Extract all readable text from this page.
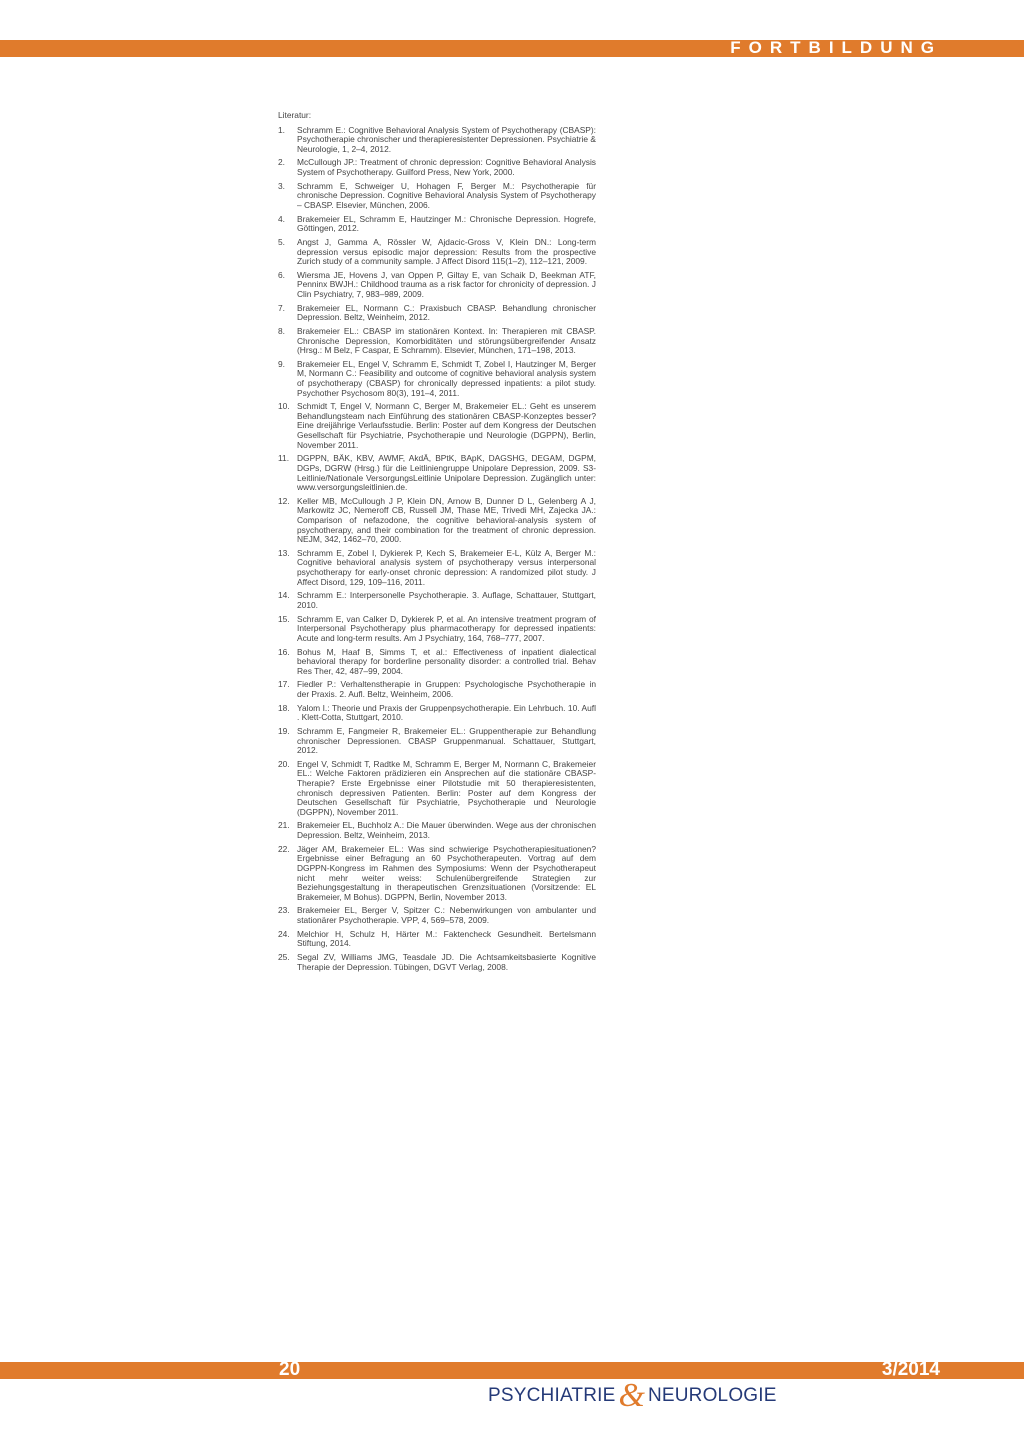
FORTBILDUNG
Literatur:
1.	Schramm E.: Cognitive Behavioral Analysis System of Psychotherapy (CBASP): Psychotherapie chronischer und therapieresistenter Depressionen. Psychiatrie & Neurologie, 1, 2–4, 2012.
2.	McCullough JP.: Treatment of chronic depression: Cognitive Behavioral Analysis System of Psychotherapy. Guilford Press, New York, 2000.
3.	Schramm E, Schweiger U, Hohagen F, Berger M.: Psychotherapie für chronische Depression. Cognitive Behavioral Analysis System of Psychotherapy – CBASP. Elsevier, München, 2006.
4.	Brakemeier EL, Schramm E, Hautzinger M.: Chronische Depression. Hogrefe, Göttingen, 2012.
5.	Angst J, Gamma A, Rössler W, Ajdacic-Gross V, Klein DN.: Long-term depression versus episodic major depression: Results from the prospective Zurich study of a community sample. J Affect Disord 115(1–2), 112–121, 2009.
6.	Wiersma JE, Hovens J, van Oppen P, Giltay E, van Schaik D, Beekman ATF, Penninx BWJH.: Childhood trauma as a risk factor for chronicity of depression. J Clin Psychiatry, 7, 983–989, 2009.
7.	Brakemeier EL, Normann C.: Praxisbuch CBASP. Behandlung chronischer Depression. Beltz, Weinheim, 2012.
8.	Brakemeier EL.: CBASP im stationären Kontext. In: Therapieren mit CBASP. Chronische Depression, Komorbiditäten und störungsübergreifender Ansatz (Hrsg.: M Belz, F Caspar, E Schramm). Elsevier, München, 171–198, 2013.
9.	Brakemeier EL, Engel V, Schramm E, Schmidt T, Zobel I, Hautzinger M, Berger M, Normann C.: Feasibility and outcome of cognitive behavioral analysis system of psychotherapy (CBASP) for chronically depressed inpatients: a pilot study. Psychother Psychosom 80(3), 191–4, 2011.
10. Schmidt T, Engel V, Normann C, Berger M, Brakemeier EL.: Geht es unserem Behandlungsteam nach Einführung des stationären CBASP-Konzeptes besser? Eine dreijährige Verlaufsstudie. Berlin: Poster auf dem Kongress der Deutschen Gesellschaft für Psychiatrie, Psychotherapie und Neurologie (DGPPN), Berlin, November 2011.
11. DGPPN, BÄK, KBV, AWMF, AkdÄ, BPtK, BApK, DAGSHG, DEGAM, DGPM, DGPs, DGRW (Hrsg.) für die Leitliniengruppe Unipolare Depression, 2009. S3-Leitlinie/Nationale VersorgungsLeitlinie Unipolare Depression. Zugänglich unter: www.versorgungsleitlinien.de.
12. Keller MB, McCullough J P, Klein DN, Arnow B, Dunner D L, Gelenberg A J, Markowitz JC, Nemeroff CB, Russell JM, Thase ME, Trivedi MH, Zajecka JA.: Comparison of nefazodone, the cognitive behavioral-analysis system of psychotherapy, and their combination for the treatment of chronic depression. NEJM, 342, 1462–70, 2000.
13. Schramm E, Zobel I, Dykierek P, Kech S, Brakemeier E-L, Külz A, Berger M.: Cognitive behavioral analysis system of psychotherapy versus interpersonal psychotherapy for early-onset chronic depression: A randomized pilot study. J Affect Disord, 129, 109–116, 2011.
14. Schramm E.: Interpersonelle Psychotherapie. 3. Auflage, Schattauer, Stuttgart, 2010.
15. Schramm E, van Calker D, Dykierek P, et al. An intensive treatment program of Interpersonal Psychotherapy plus pharmacotherapy for depressed inpatients: Acute and long-term results. Am J Psychiatry, 164, 768–777, 2007.
16. Bohus M, Haaf B, Simms T, et al.: Effectiveness of inpatient dialectical behavioral therapy for borderline personality disorder: a controlled trial. Behav Res Ther, 42, 487–99, 2004.
17. Fiedler P.: Verhaltenstherapie in Gruppen: Psychologische Psychotherapie in der Praxis. 2. Aufl. Beltz, Weinheim, 2006.
18. Yalom I.: Theorie und Praxis der Gruppenpsychotherapie. Ein Lehrbuch. 10. Aufl . Klett-Cotta, Stuttgart, 2010.
19. Schramm E, Fangmeier R, Brakemeier EL.: Gruppentherapie zur Behandlung chronischer Depressionen. CBASP Gruppenmanual. Schattauer, Stuttgart, 2012.
20. Engel V, Schmidt T, Radtke M, Schramm E, Berger M, Normann C, Brakemeier EL.: Welche Faktoren prädizieren ein Ansprechen auf die stationäre CBASP-Therapie? Erste Ergebnisse einer Pilotstudie mit 50 therapieresistenten, chronisch depressiven Patienten. Berlin: Poster auf dem Kongress der Deutschen Gesellschaft für Psychiatrie, Psychotherapie und Neurologie (DGPPN), November 2011.
21. Brakemeier EL, Buchholz A.: Die Mauer überwinden. Wege aus der chronischen Depression. Beltz, Weinheim, 2013.
22. Jäger AM, Brakemeier EL.: Was sind schwierige Psychotherapiesituationen? Ergebnisse einer Befragung an 60 Psychotherapeuten. Vortrag auf dem DGPPN-Kongress im Rahmen des Symposiums: Wenn der Psychotherapeut nicht mehr weiter weiss: Schulenübergreifende Strategien zur Beziehungsgestaltung in therapeutischen Grenzsituationen (Vorsitzende: EL Brakemeier, M Bohus). DGPPN, Berlin, November 2013.
23. Brakemeier EL, Berger V, Spitzer C.: Nebenwirkungen von ambulanter und stationärer Psychotherapie. VPP, 4, 569–578, 2009.
24. Melchior H, Schulz H, Härter M.: Faktencheck Gesundheit. Bertelsmann Stiftung, 2014.
25. Segal ZV, Williams JMG, Teasdale JD. Die Achtsamkeitsbasierte Kognitive Therapie der Depression. Tübingen, DGVT Verlag, 2008.
20	3/2014
PSYCHIATRIE & NEUROLOGIE
